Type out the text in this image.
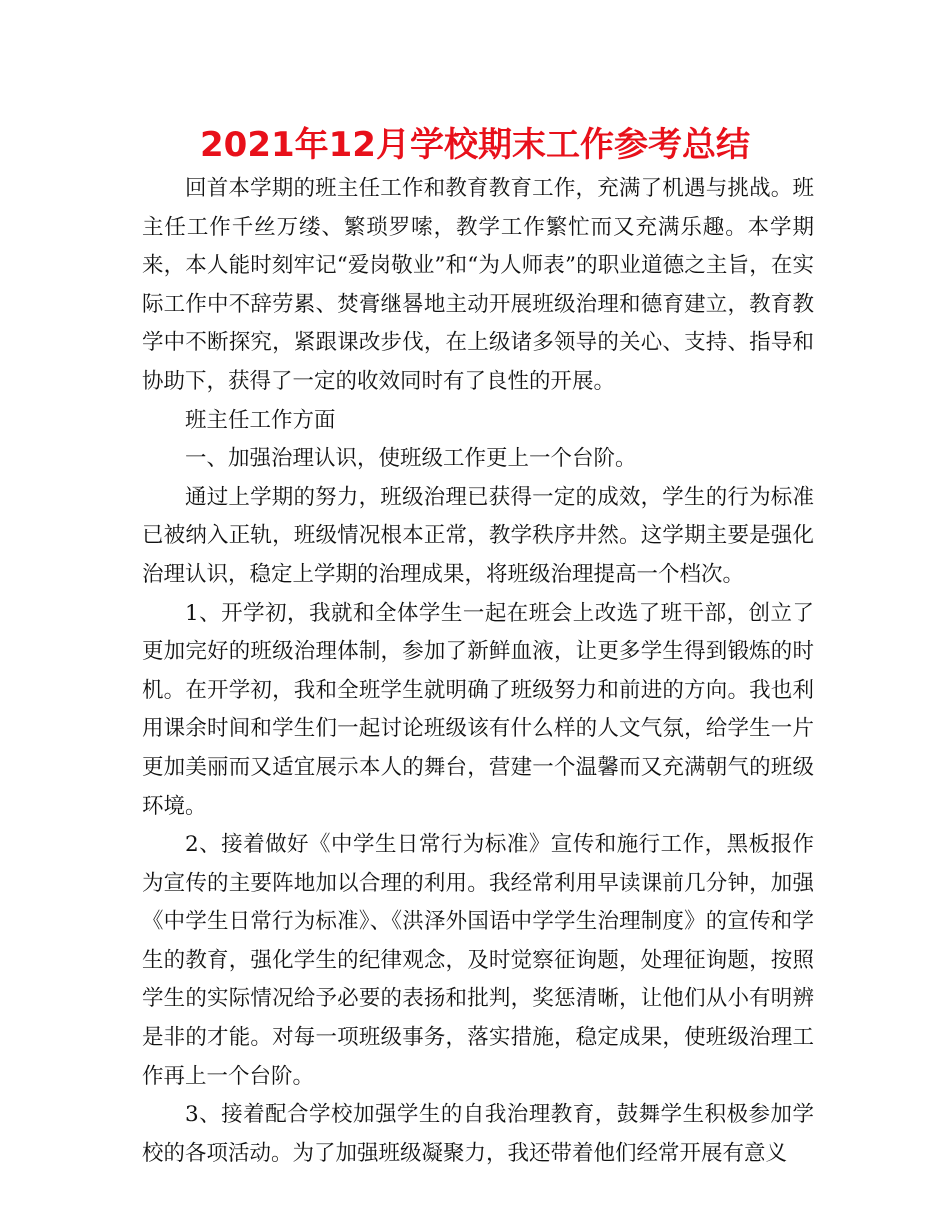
2021年12月学校期末工作参考总结

回首本学期的班主任工作和教育教育工作，充满了机遇与挑战。班主任工作千丝万缕、繁琐罗嗦，教学工作繁忙而又充满乐趣。本学期来，本人能时刻牢记“爱岗敬业”和“为人师表”的职业道德之主旨，在实际工作中不辞劳累、焚膏继晷地主动开展班级治理和德育建立，教育教学中不断探究，紧跟课改步伐，在上级诸多领导的关心、支持、指导和协助下，获得了一定的收效同时有了良性的开展。

班主任工作方面

一、加强治理认识，使班级工作更上一个台阶。

通过上学期的努力，班级治理已获得一定的成效，学生的行为标准已被纳入正轨，班级情况根本正常，教学秩序井然。这学期主要是强化治理认识，稳定上学期的治理成果，将班级治理提高一个档次。

1、开学初，我就和全体学生一起在班会上改选了班干部，创立了更加完好的班级治理体制，参加了新鲜血液，让更多学生得到锻炼的时机。在开学初，我和全班学生就明确了班级努力和前进的方向。我也利用课余时间和学生们一起讨论班级该有什么样的人文气氛，给学生一片更加美丽而又适宜展示本人的舞台，营建一个温馨而又充满朝气的班级环境。

2、接着做好《中学生日常行为标准》宣传和施行工作，黑板报作为宣传的主要阵地加以合理的利用。我经常利用早读课前几分钟，加强《中学生日常行为标准》、《洪泽外国语中学学生治理制度》的宣传和学生的教育，强化学生的纪律观念，及时觉察征询题，处理征询题，按照学生的实际情况给予必要的表扬和批判，奖惩清晰，让他们从小有明辨是非的才能。对每一项班级事务，落实措施，稳定成果，使班级治理工作再上一个台阶。

3、接着配合学校加强学生的自我治理教育，鼓舞学生积极参加学校的各项活动。为了加强班级凝聚力，我还带着他们经常开展有意义
